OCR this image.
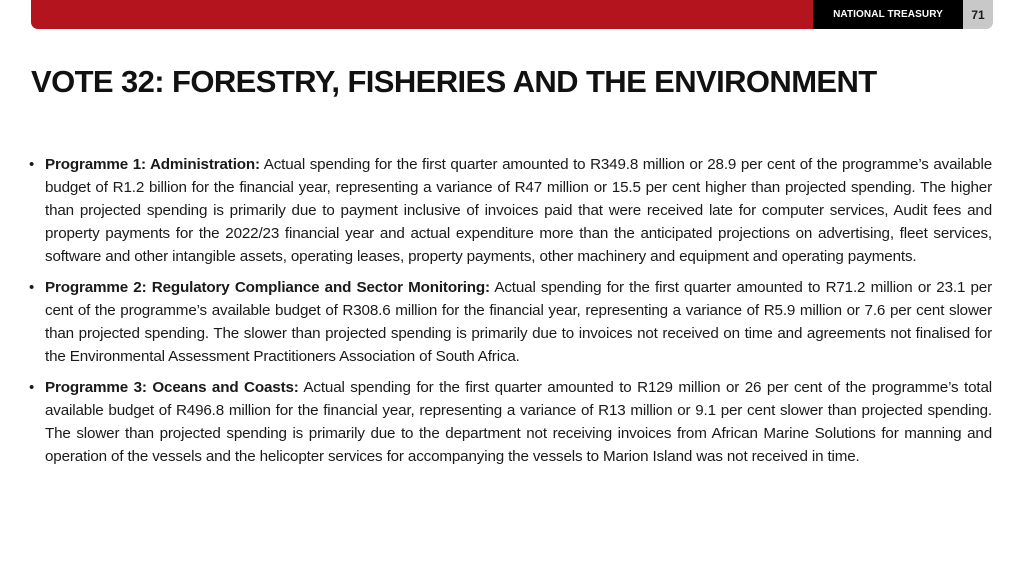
NATIONAL TREASURY	71
VOTE 32: FORESTRY, FISHERIES AND THE ENVIRONMENT
• Programme 1: Administration: Actual spending for the first quarter amounted to R349.8 million or 28.9 per cent of the programme’s available budget of R1.2 billion for the financial year, representing a variance of R47 million or 15.5 per cent higher than projected spending. The higher than projected spending is primarily due to payment inclusive of invoices paid that were received late for computer services, Audit fees and property payments for the 2022/23 financial year and actual expenditure more than the anticipated projections on advertising, fleet services, software and other intangible assets, operating leases, property payments, other machinery and equipment and operating payments.
• Programme 2: Regulatory Compliance and Sector Monitoring: Actual spending for the first quarter amounted to R71.2 million or 23.1 per cent of the programme’s available budget of R308.6 million for the financial year, representing a variance of R5.9 million or 7.6 per cent slower than projected spending. The slower than projected spending is primarily due to invoices not received on time and agreements not finalised for the Environmental Assessment Practitioners Association of South Africa.
• Programme 3: Oceans and Coasts: Actual spending for the first quarter amounted to R129 million or 26 per cent of the programme’s total available budget of R496.8 million for the financial year, representing a variance of R13 million or 9.1 per cent slower than projected spending. The slower than projected spending is primarily due to the department not receiving invoices from African Marine Solutions for manning and operation of the vessels and the helicopter services for accompanying the vessels to Marion Island was not received in time.
